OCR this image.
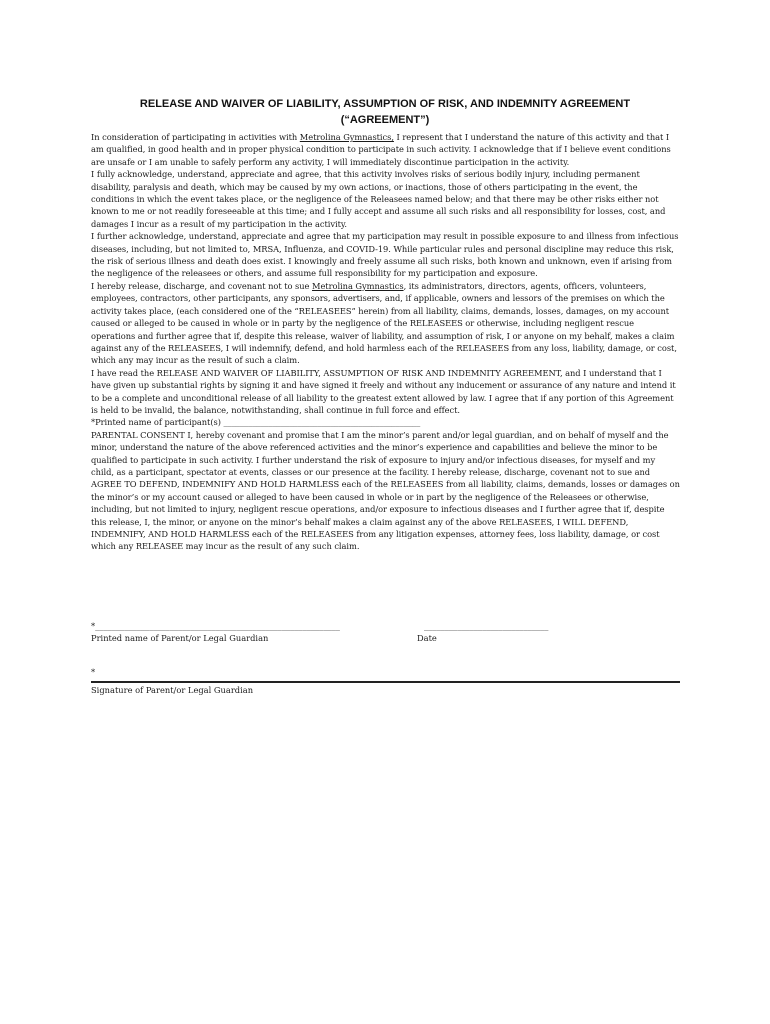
RELEASE AND WAIVER OF LIABILITY, ASSUMPTION OF RISK, AND INDEMNITY AGREEMENT
(“AGREEMENT”)

In consideration of participating in activities with Metrolina Gymnastics, I represent that I understand the nature of this activity and that I am qualified, in good health and in proper physical condition to participate in such activity. I acknowledge that if I believe event conditions are unsafe or I am unable to safely perform any activity, I will immediately discontinue participation in the activity.

I fully acknowledge, understand, appreciate and agree, that this activity involves risks of serious bodily injury, including permanent disability, paralysis and death, which may be caused by my own actions, or inactions, those of others participating in the event, the conditions in which the event takes place, or the negligence of the Releasees named below; and that there may be other risks either not known to me or not readily foreseeable at this time; and I fully accept and assume all such risks and all responsibility for losses, cost, and damages I incur as a result of my participation in the activity.

I further acknowledge, understand, appreciate and agree that my participation may result in possible exposure to and illness from infectious diseases, including, but not limited to, MRSA, Influenza, and COVID-19. While particular rules and personal discipline may reduce this risk, the risk of serious illness and death does exist. I knowingly and freely assume all such risks, both known and unknown, even if arising from the negligence of the releasees or others, and assume full responsibility for my participation and exposure.

I hereby release, discharge, and covenant not to sue Metrolina Gymnastics, its administrators, directors, agents, officers, volunteers, employees, contractors, other participants, any sponsors, advertisers, and, if applicable, owners and lessors of the premises on which the activity takes place, (each considered one of the “RELEASEES” herein) from all liability, claims, demands, losses, damages, on my account caused or alleged to be caused in whole or in party by the negligence of the RELEASEES or otherwise, including negligent rescue operations and further agree that if, despite this release, waiver of liability, and assumption of risk, I or anyone on my behalf, makes a claim against any of the RELEASEES, I will indemnify, defend, and hold harmless each of the RELEASEES from any loss, liability, damage, or cost, which any may incur as the result of such a claim.

I have read the RELEASE AND WAIVER OF LIABILITY, ASSUMPTION OF RISK AND INDEMNITY AGREEMENT, and I understand that I have given up substantial rights by signing it and have signed it freely and without any inducement or assurance of any nature and intend it to be a complete and unconditional release of all liability to the greatest extent allowed by law. I agree that if any portion of this Agreement is held to be invalid, the balance, notwithstanding, shall continue in full force and effect.

*Printed name of participant(s) ________________________________________________

PARENTAL CONSENT I, hereby covenant and promise that I am the minor’s parent and/or legal guardian, and on behalf of myself and the minor, understand the nature of the above referenced activities and the minor’s experience and capabilities and believe the minor to be qualified to participate in such activity. I further understand the risk of exposure to injury and/or infectious diseases, for myself and my child, as a participant, spectator at events, classes or our presence at the facility. I hereby release, discharge, covenant not to sue and AGREE TO DEFEND, INDEMNIFY AND HOLD HARMLESS each of the RELEASEES from all liability, claims, demands, losses or damages on the minor’s or my account caused or alleged to have been caused in whole or in part by the negligence of the Releasees or otherwise, including, but not limited to injury, negligent rescue operations, and/or exposure to infectious diseases and I further agree that if, despite this release, I, the minor, or anyone on the minor’s behalf makes a claim against any of the above RELEASEES, I WILL DEFEND, INDEMNIFY, AND HOLD HARMLESS each of the RELEASEES from any litigation expenses, attorney fees, loss liability, damage, or cost which any RELEASEE may incur as the result of any such claim.

*___________________________________________________________	______________________________
Printed name of Parent/or Legal Guardian	Date
*
Signature of Parent/or Legal Guardian
